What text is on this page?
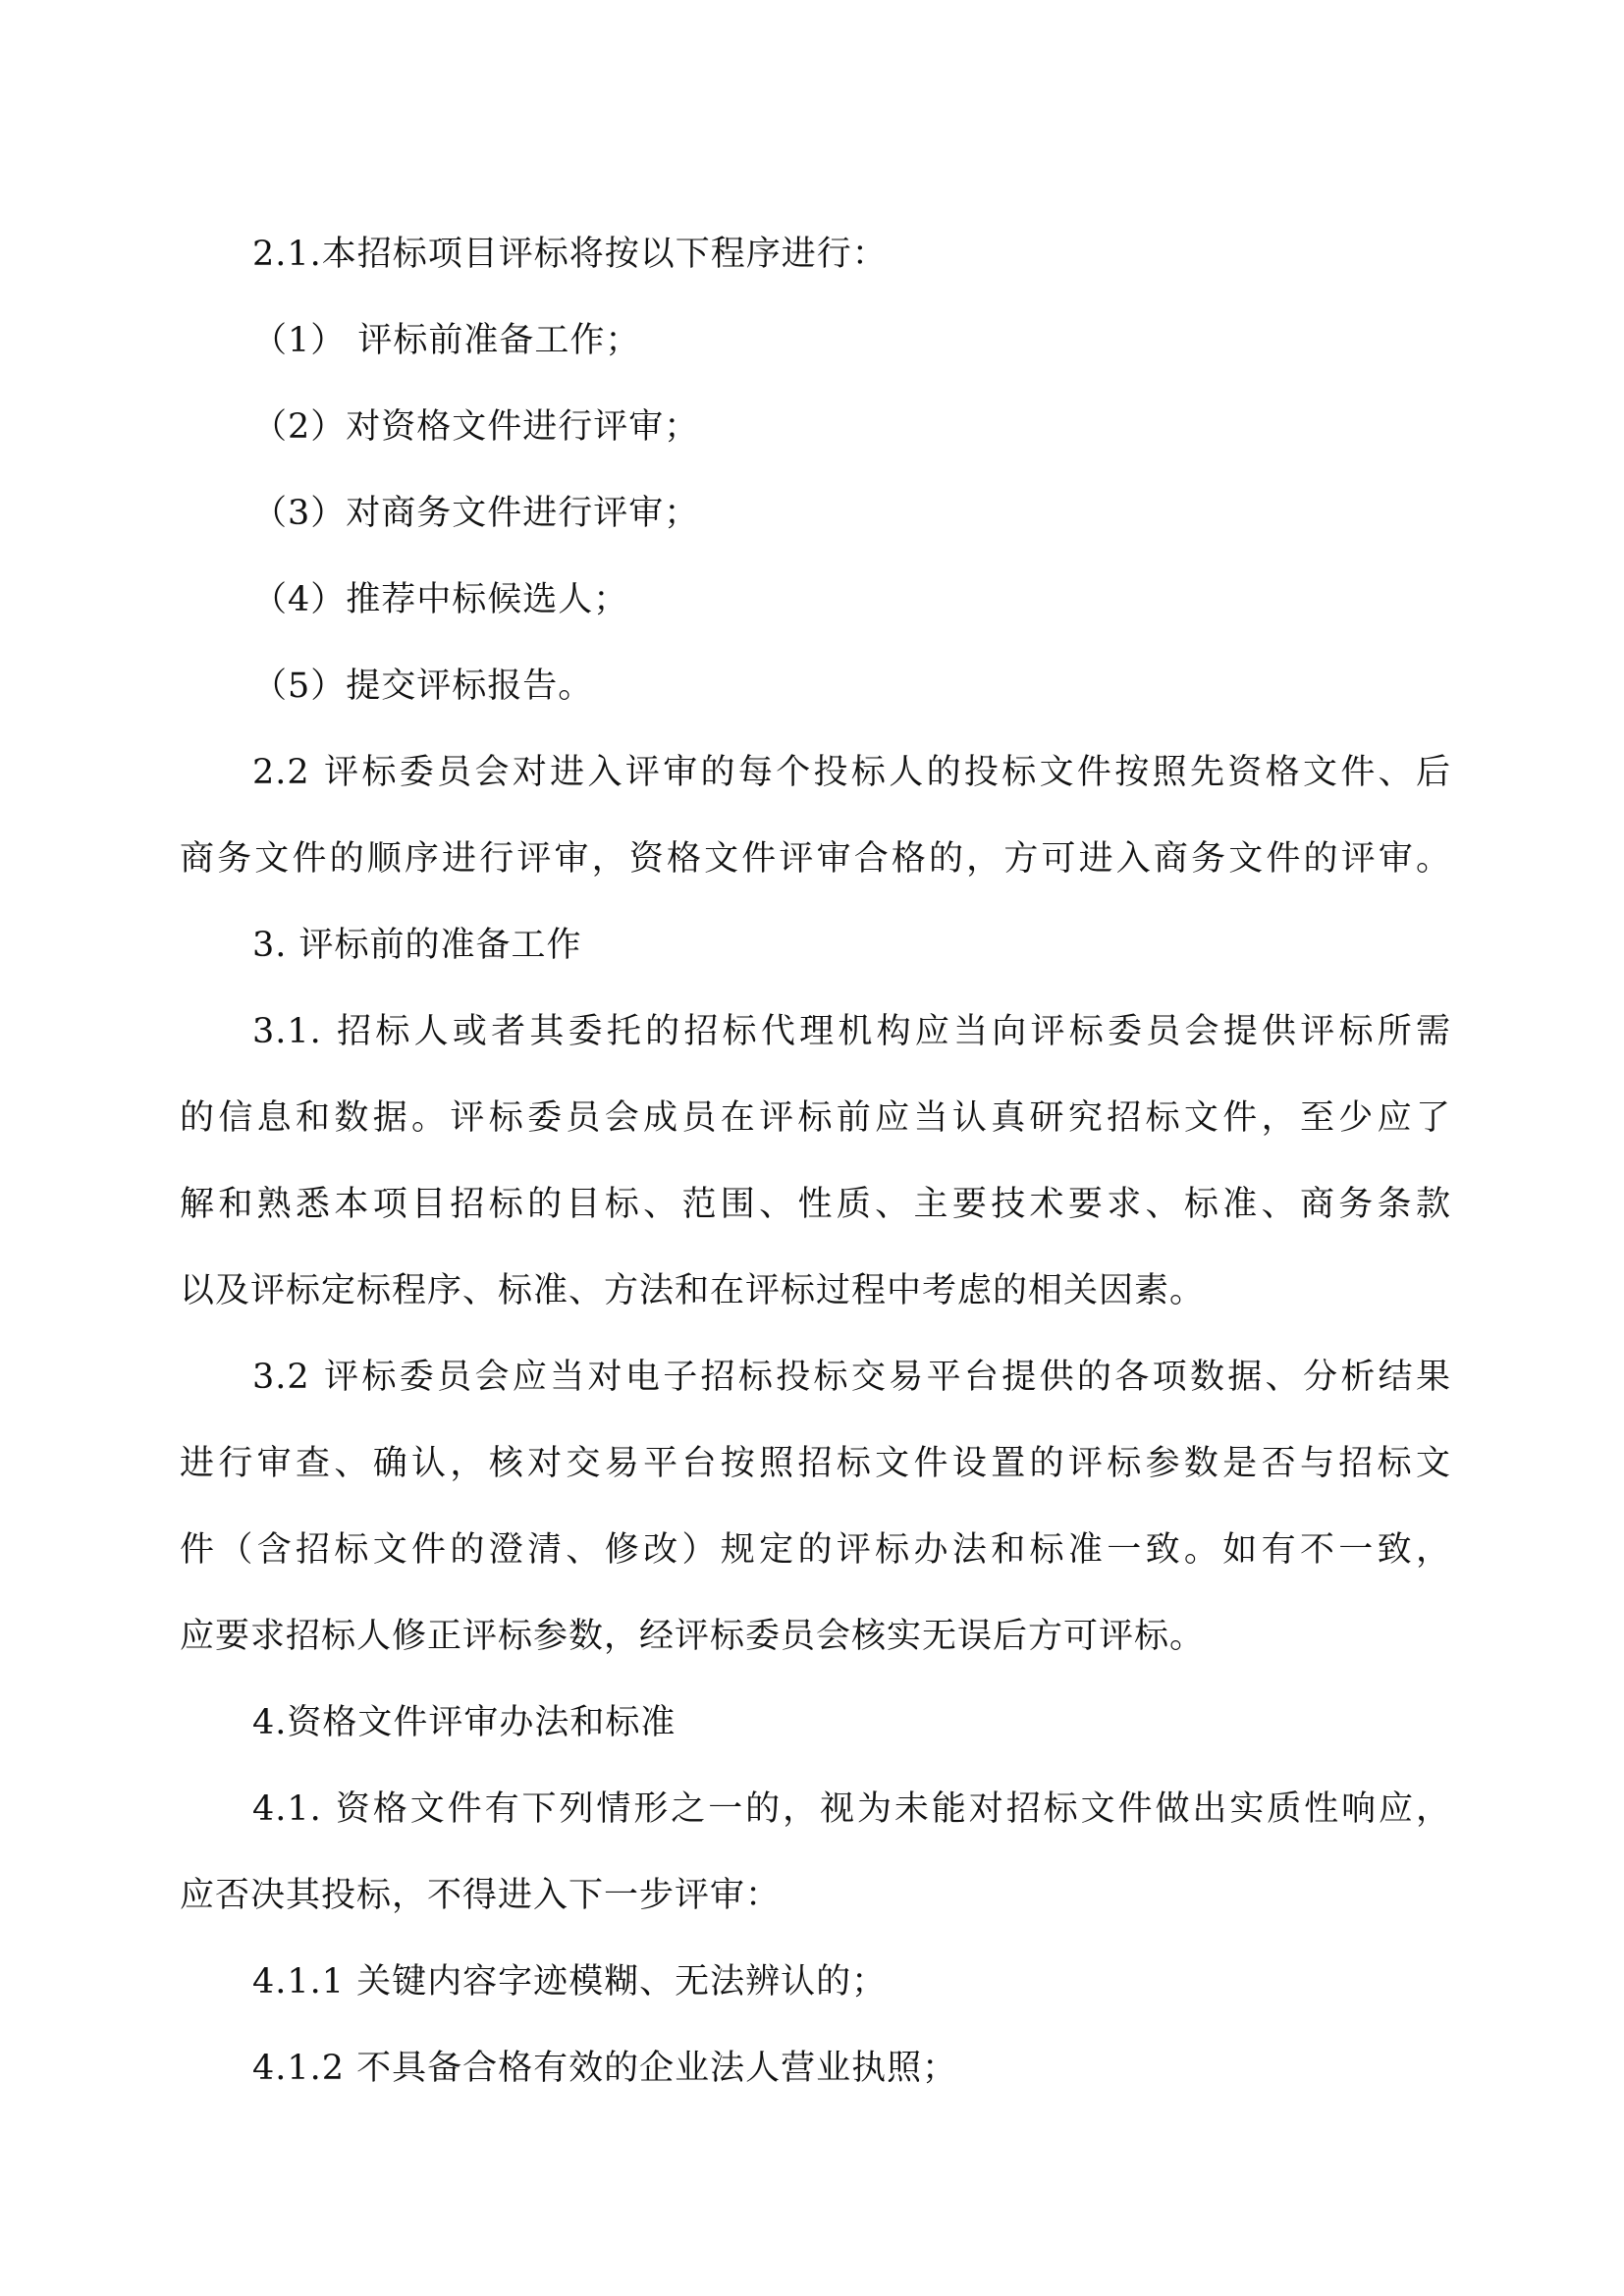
2.1.本招标项目评标将按以下程序进行：
（1） 评标前准备工作；
（2）对资格文件进行评审；
（3）对商务文件进行评审；
（4）推荐中标候选人；
（5）提交评标报告。
2.2 评标委员会对进入评审的每个投标人的投标文件按照先资格文件、后
商务文件的顺序进行评审，资格文件评审合格的，方可进入商务文件的评审。
3. 评标前的准备工作
3.1. 招标人或者其委托的招标代理机构应当向评标委员会提供评标所需
的信息和数据。评标委员会成员在评标前应当认真研究招标文件，至少应了
解和熟悉本项目招标的目标、范围、性质、主要技术要求、标准、商务条款
以及评标定标程序、标准、方法和在评标过程中考虑的相关因素。
3.2 评标委员会应当对电子招标投标交易平台提供的各项数据、分析结果
进行审查、确认，核对交易平台按照招标文件设置的评标参数是否与招标文
件（含招标文件的澄清、修改）规定的评标办法和标准一致。如有不一致，
应要求招标人修正评标参数，经评标委员会核实无误后方可评标。
4.资格文件评审办法和标准
4.1. 资格文件有下列情形之一的，视为未能对招标文件做出实质性响应，
应否决其投标，不得进入下一步评审：
4.1.1 关键内容字迹模糊、无法辨认的；
4.1.2 不具备合格有效的企业法人营业执照；
